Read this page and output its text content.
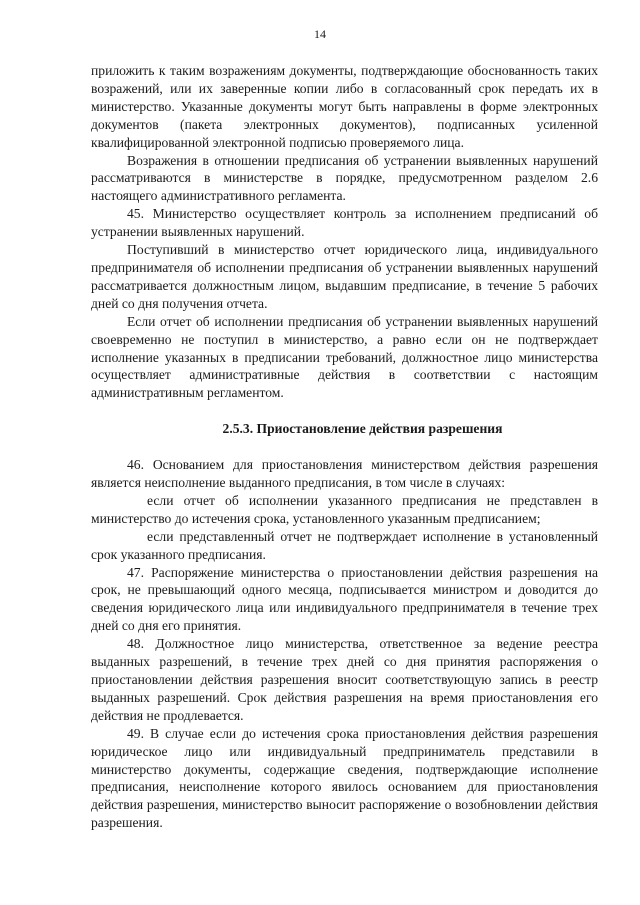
14

приложить к таким возражениям документы, подтверждающие обоснованность таких возражений, или их заверенные копии либо в согласованный срок передать их в министерство. Указанные документы могут быть направлены в форме электронных документов (пакета электронных документов), подписанных усиленной квалифицированной электронной подписью проверяемого лица.

Возражения в отношении предписания об устранении выявленных нарушений рассматриваются в министерстве в порядке, предусмотренном разделом 2.6 настоящего административного регламента.

45. Министерство осуществляет контроль за исполнением предписаний об устранении выявленных нарушений.

Поступивший в министерство отчет юридического лица, индивидуального предпринимателя об исполнении предписания об устранении выявленных нарушений рассматривается должностным лицом, выдавшим предписание, в течение 5 рабочих дней со дня получения отчета.

Если отчет об исполнении предписания об устранении выявленных нарушений своевременно не поступил в министерство, а равно если он не подтверждает исполнение указанных в предписании требований, должностное лицо министерства осуществляет административные действия в соответствии с настоящим административным регламентом.

2.5.3. Приостановление действия разрешения

46. Основанием для приостановления министерством действия разрешения является неисполнение выданного предписания, в том числе в случаях:

если отчет об исполнении указанного предписания не представлен в министерство до истечения срока, установленного указанным предписанием;

если представленный отчет не подтверждает исполнение в установленный срок указанного предписания.

47. Распоряжение министерства о приостановлении действия разрешения на срок, не превышающий одного месяца, подписывается министром и доводится до сведения юридического лица или индивидуального предпринимателя в течение трех дней со дня его принятия.

48. Должностное лицо министерства, ответственное за ведение реестра выданных разрешений, в течение трех дней со дня принятия распоряжения о приостановлении действия разрешения вносит соответствующую запись в реестр выданных разрешений. Срок действия разрешения на время приостановления его действия не продлевается.

49. В случае если до истечения срока приостановления действия разрешения юридическое лицо или индивидуальный предприниматель представили в министерство документы, содержащие сведения, подтверждающие исполнение предписания, неисполнение которого явилось основанием для приостановления действия разрешения, министерство выносит распоряжение о возобновлении действия разрешения.
